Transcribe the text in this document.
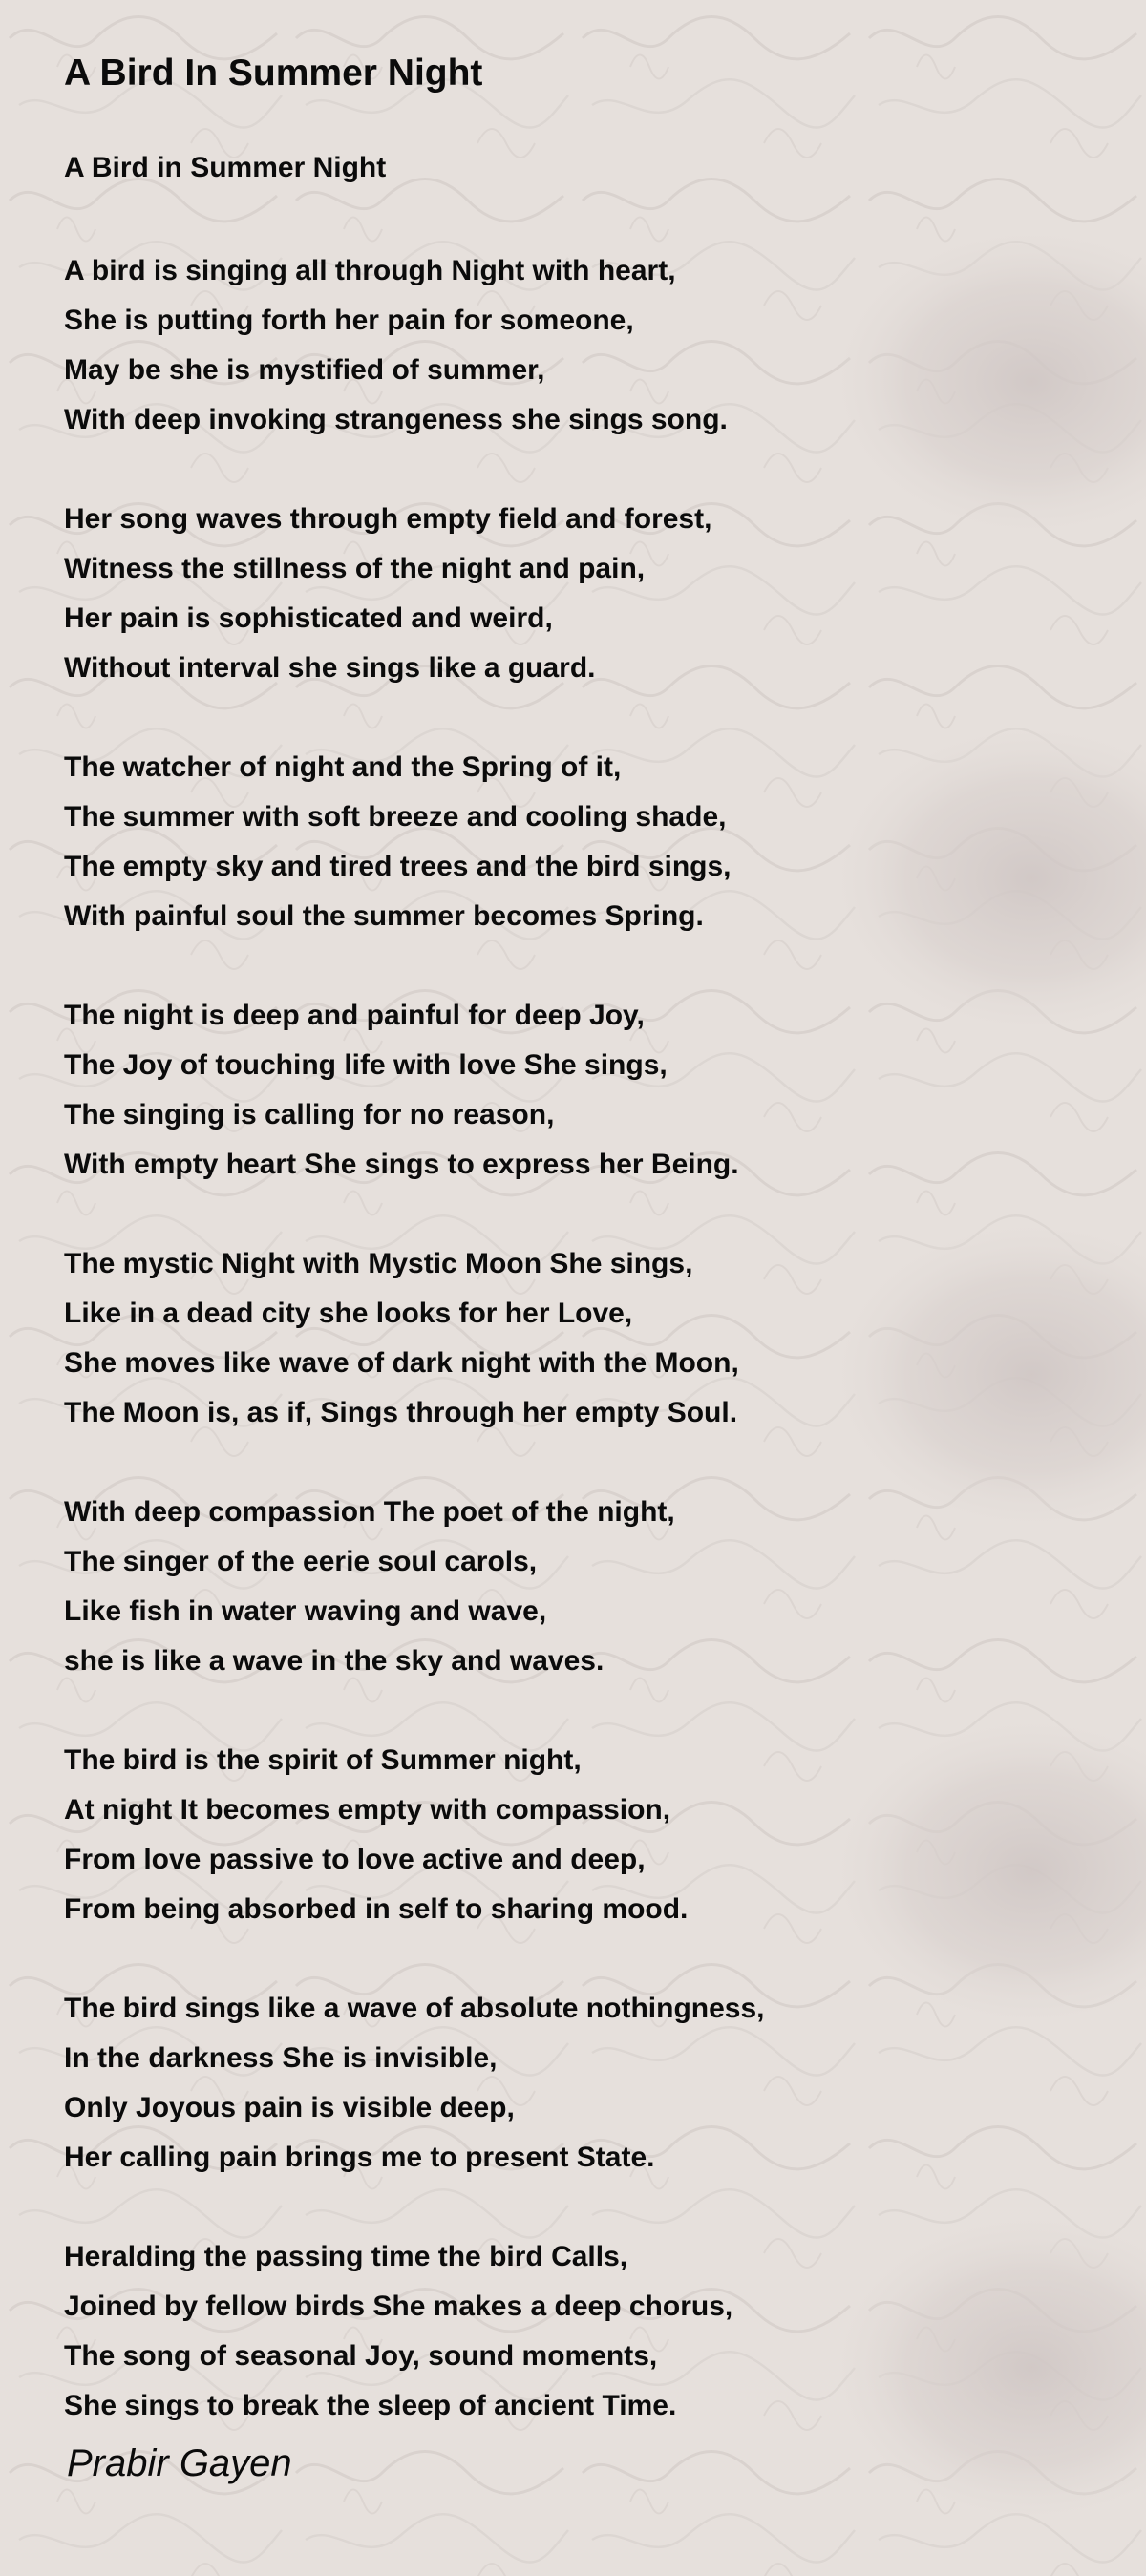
A Bird In Summer Night
A Bird in Summer Night
A bird is singing all through Night with heart,
She is putting forth her pain for someone,
May be she is mystified of summer,
With deep invoking strangeness she sings song.
Her song waves through empty field and forest,
Witness the stillness of the night and pain,
Her pain is sophisticated and weird,
Without interval she sings like a guard.
The watcher of night and the Spring of it,
The summer with soft breeze and cooling shade,
The empty sky and tired trees and the bird sings,
With painful soul the summer becomes Spring.
The night is deep and painful for deep Joy,
The Joy of touching life with love She sings,
The singing is calling for no reason,
With empty heart She sings to express her Being.
The mystic Night with Mystic Moon She sings,
Like in a dead city she looks for her Love,
She moves like wave of dark night with the Moon,
The Moon is, as if, Sings through her empty Soul.
With deep compassion The poet of the night,
The singer of the eerie soul carols,
Like fish in water waving and wave,
she is like a wave in the sky and waves.
The bird is the spirit of Summer night,
At night It becomes empty with compassion,
From love passive to love active and deep,
From being absorbed in self to sharing mood.
The bird sings like a wave of absolute nothingness,
In the darkness She is invisible,
Only Joyous pain is visible deep,
Her calling pain brings me to present State.
Heralding the passing time the bird Calls,
Joined by fellow birds She makes a deep chorus,
The song of seasonal Joy, sound moments,
She sings to break the sleep of ancient Time.
Prabir Gayen
